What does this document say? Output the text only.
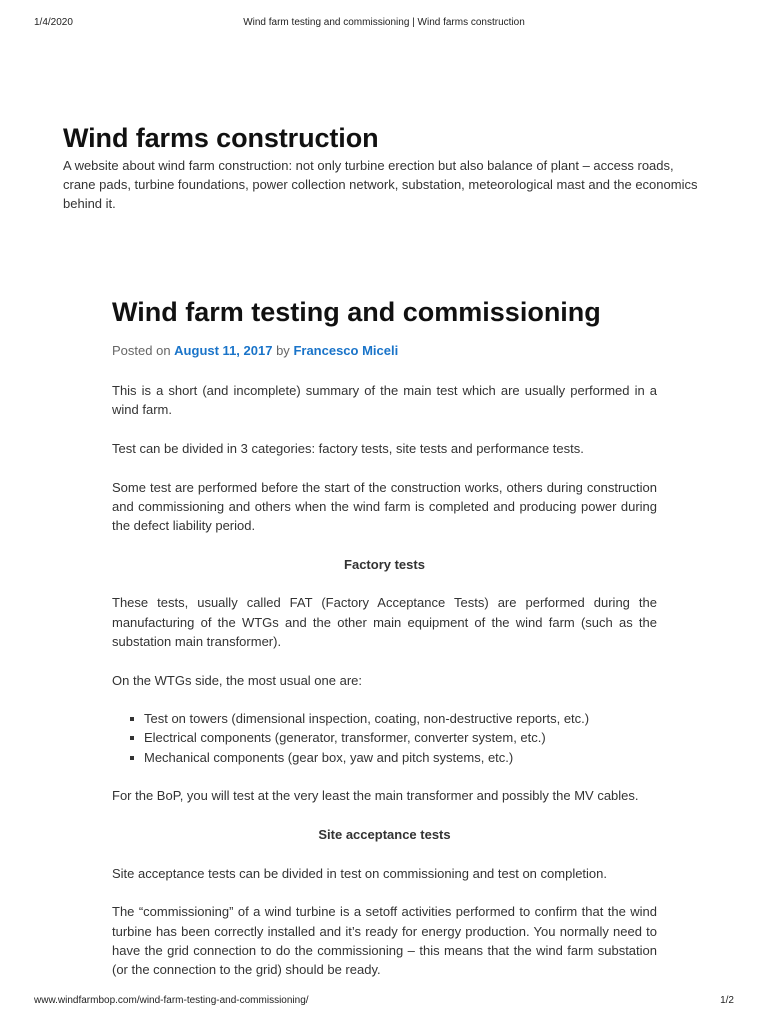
1/4/2020	Wind farm testing and commissioning | Wind farms construction
Wind farms construction

A website about wind farm construction: not only turbine erection but also balance of plant – access roads, crane pads, turbine foundations, power collection network, substation, meteorological mast and the economics behind it.

Wind farm testing and commissioning
Posted on August 11, 2017 by Francesco Miceli

This is a short (and incomplete) summary of the main test which are usually performed in a wind farm.

Test can be divided in 3 categories: factory tests, site tests and performance tests.

Some test are performed before the start of the construction works, others during construction and commissioning and others when the wind farm is completed and producing power during the defect liability period.

Factory tests

These tests, usually called FAT (Factory Acceptance Tests) are performed during the manufacturing of the WTGs and the other main equipment of the wind farm (such as the substation main transformer).

On the WTGs side, the most usual one are:

Test on towers (dimensional inspection, coating, non-destructive reports, etc.)
Electrical components (generator, transformer, converter system, etc.)
Mechanical components (gear box, yaw and pitch systems, etc.)

For the BoP, you will test at the very least the main transformer and possibly the MV cables.

Site acceptance tests

Site acceptance tests can be divided in test on commissioning and test on completion.

The “commissioning” of a wind turbine is a setoff activities performed to confirm that the wind turbine has been correctly installed and it’s ready for energy production. You normally need to have the grid connection to do the commissioning – this means that the wind farm substation (or the connection to the grid) should be ready.

www.windfarmbop.com/wind-farm-testing-and-commissioning/	1/2
